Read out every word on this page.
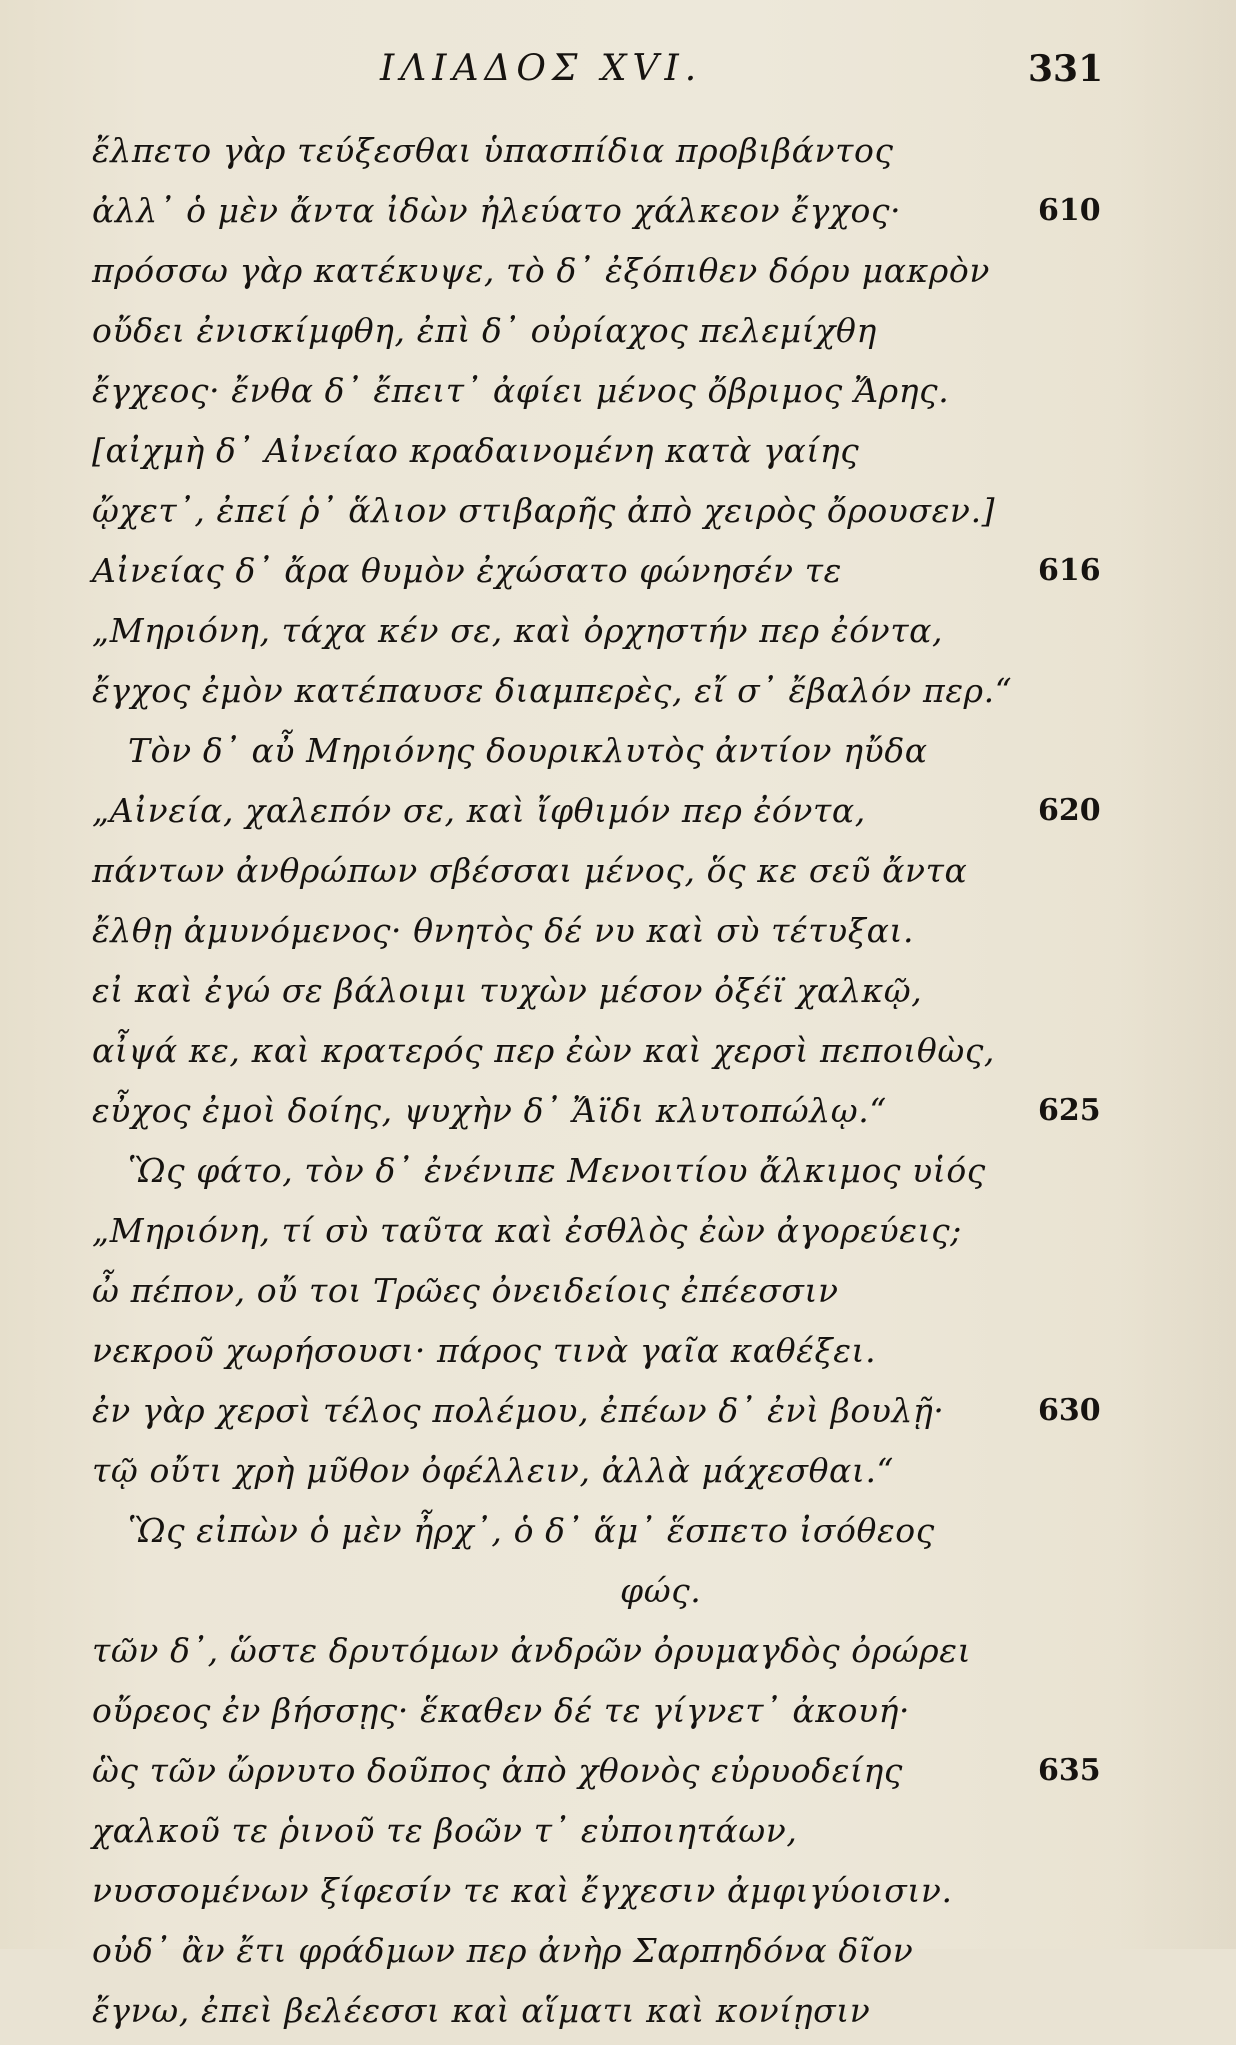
ΙΛΙΑΔΟΣ XVI.	331
ἔλπετο γὰρ τεύξεσθαι ὑπασπίδια προβιβάντος
ἀλλ᾽ ὁ μὲν ἄντα ἰδὼν ἠλεύατο χάλκεον ἔγχος·	610
πρόσσω γὰρ κατέκυψε, τὸ δ᾽ ἐξόπιθεν δόρυ μακρὸν
οὔδει ἐνισκίμφθη, ἐπὶ δ᾽ οὐρίαχος πελεμίχθη
ἔγχεος· ἔνθα δ᾽ ἔπειτ᾽ ἀφίει μένος ὄβριμος Ἄρης.
[αἰχμὴ δ᾽ Αἰνείαο κραδαινομένη κατὰ γαίης
ᾤχετ᾽, ἐπεί ῥ᾽ ἅλιον στιβαρῆς ἀπὸ χειρὸς ὄρουσεν.]
Αἰνείας δ᾽ ἄρα θυμὸν ἐχώσατο φώνησέν τε	616
„Μηριόνη, τάχα κέν σε, καὶ ὀρχηστήν περ ἐόντα,
ἔγχος ἐμὸν κατέπαυσε διαμπερὲς, εἴ σ᾽ ἔβαλόν περ.“
Τὸν δ᾽ αὖ Μηριόνης δουρικλυτὸς ἀντίον ηὔδα
„Αἰνεία, χαλεπόν σε, καὶ ἴφθιμόν περ ἐόντα,	620
πάντων ἀνθρώπων σβέσσαι μένος, ὅς κε σεῦ ἄντα
ἔλθῃ ἀμυνόμενος· θνητὸς δέ νυ καὶ σὺ τέτυξαι.
εἰ καὶ ἐγώ σε βάλοιμι τυχὼν μέσον ὀξέϊ χαλκῷ,
αἶψά κε, καὶ κρατερός περ ἐὼν καὶ χερσὶ πεποιθὼς,
εὖχος ἐμοὶ δοίης, ψυχὴν δ᾽ Ἄϊδι κλυτοπώλῳ.“	625
Ὣς φάτο, τὸν δ᾽ ἐνένιπε Μενοιτίου ἄλκιμος υἱός
„Μηριόνη, τί σὺ ταῦτα καὶ ἐσθλὸς ἐὼν ἀγορεύεις;
ὦ πέπον, οὔ τοι Τρῶες ὀνειδείοις ἐπέεσσιν
νεκροῦ χωρήσουσι· πάρος τινὰ γαῖα καθέξει.
ἐν γὰρ χερσὶ τέλος πολέμου, ἐπέων δ᾽ ἐνὶ βουλῇ·	630
τῷ οὔτι χρὴ μῦθον ὀφέλλειν, ἀλλὰ μάχεσθαι.“
Ὣς εἰπὼν ὁ μὲν ἦρχ᾽, ὁ δ᾽ ἅμ᾽ ἕσπετο ἰσόθεος
φώς.
τῶν δ᾽, ὥστε δρυτόμων ἀνδρῶν ὀρυμαγδὸς ὀρώρει
οὔρεος ἐν βήσσῃς· ἕκαθεν δέ τε γίγνετ᾽ ἀκουή·
ὣς τῶν ὤρνυτο δοῦπος ἀπὸ χθονὸς εὐρυοδείης	635
χαλκοῦ τε ῥινοῦ τε βοῶν τ᾽ εὐποιητάων,
νυσσομένων ξίφεσίν τε καὶ ἔγχεσιν ἀμφιγύοισιν.
οὐδ᾽ ἂν ἔτι φράδμων περ ἀνὴρ Σαρπηδόνα δῖον
ἔγνω, ἐπεὶ βελέεσσι καὶ αἵματι καὶ κονίῃσιν
